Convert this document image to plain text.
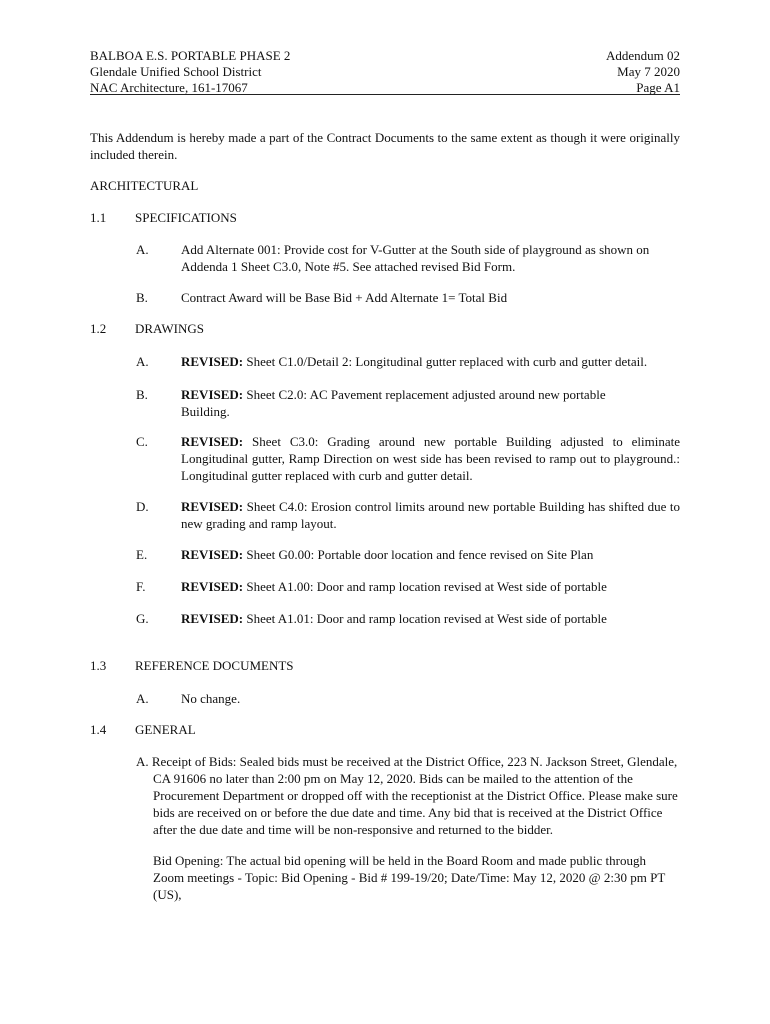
BALBOA E.S. PORTABLE PHASE 2	Addendum 02
Glendale Unified School District	May 7 2020
NAC Architecture, 161-17067	Page A1
This Addendum is hereby made a part of the Contract Documents to the same extent as though it were originally included therein.
ARCHITECTURAL
1.1	SPECIFICATIONS
A.	Add Alternate 001: Provide cost for V-Gutter at the South side of playground as shown on Addenda 1 Sheet C3.0, Note #5. See attached revised Bid Form.
B.	Contract Award will be Base Bid + Add Alternate 1= Total Bid
1.2	DRAWINGS
A.	REVISED: Sheet C1.0/Detail 2: Longitudinal gutter replaced with curb and gutter detail.
B.	REVISED: Sheet C2.0: AC Pavement replacement adjusted around new portable Building.
C.	REVISED: Sheet C3.0: Grading around new portable Building adjusted to eliminate Longitudinal gutter, Ramp Direction on west side has been revised to ramp out to playground.: Longitudinal gutter replaced with curb and gutter detail.
D.	REVISED: Sheet C4.0: Erosion control limits around new portable Building has shifted due to new grading and ramp layout.
E.	REVISED: Sheet G0.00: Portable door location and fence revised on Site Plan
F.	REVISED: Sheet A1.00: Door and ramp location revised at West side of portable
G.	REVISED: Sheet A1.01: Door and ramp location revised at West side of portable
1.3	REFERENCE DOCUMENTS
A.	No change.
1.4	GENERAL
A. Receipt of Bids: Sealed bids must be received at the District Office, 223 N. Jackson Street, Glendale, CA 91606 no later than 2:00 pm on May 12, 2020. Bids can be mailed to the attention of the Procurement Department or dropped off with the receptionist at the District Office. Please make sure bids are received on or before the due date and time. Any bid that is received at the District Office after the due date and time will be non-responsive and returned to the bidder.
Bid Opening: The actual bid opening will be held in the Board Room and made public through Zoom meetings - Topic: Bid Opening - Bid # 199-19/20; Date/Time: May 12, 2020 @ 2:30 pm PT (US),
